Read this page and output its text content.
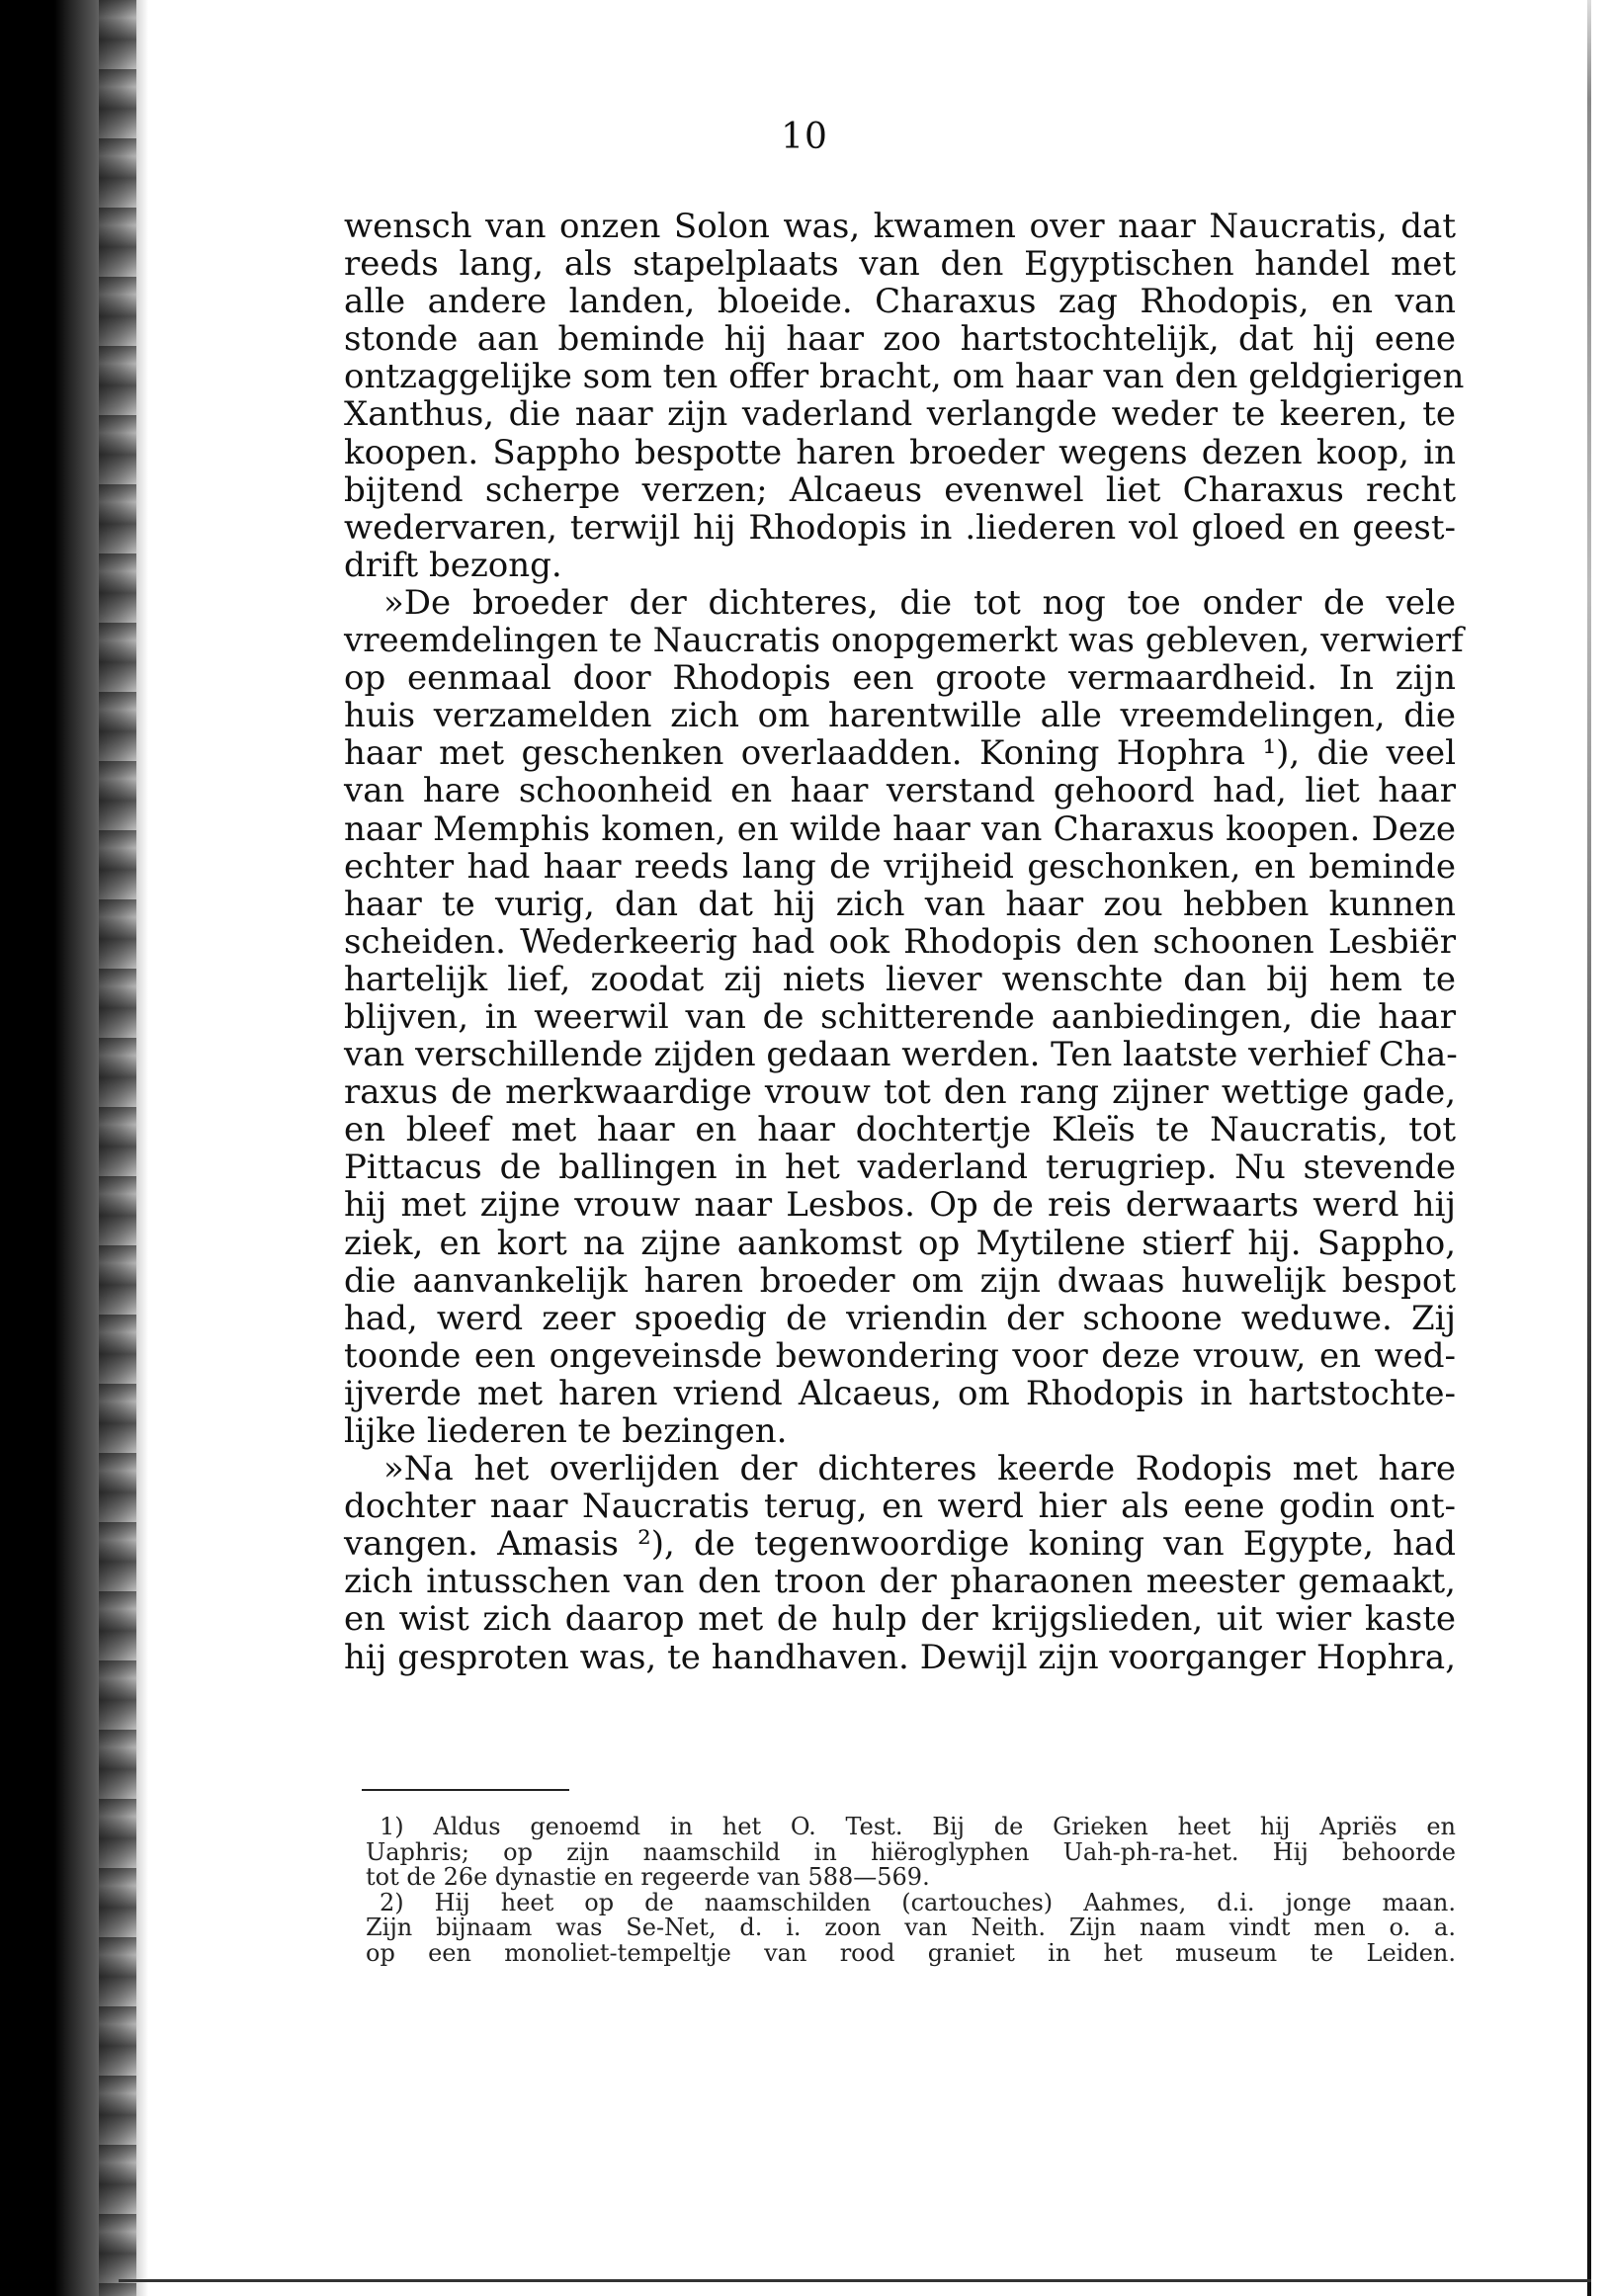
10
wensch van onzen Solon was, kwamen over naar Naucratis, dat
reeds lang, als stapelplaats van den Egyptischen handel met
alle andere landen, bloeide. Charaxus zag Rhodopis, en van
stonde aan beminde hij haar zoo hartstochtelijk, dat hij eene
ontzaggelijke som ten offer bracht, om haar van den geldgierigen
Xanthus, die naar zijn vaderland verlangde weder te keeren, te
koopen. Sappho bespotte haren broeder wegens dezen koop, in
bijtend scherpe verzen; Alcaeus evenwel liet Charaxus recht
wedervaren, terwijl hij Rhodopis in .liederen vol gloed en geest-
drift bezong.
»De broeder der dichteres, die tot nog toe onder de vele
vreemdelingen te Naucratis onopgemerkt was gebleven, verwierf
op eenmaal door Rhodopis een groote vermaardheid. In zijn
huis verzamelden zich om harentwille alle vreemdelingen, die
haar met geschenken overlaadden. Koning Hophra ¹), die veel
van hare schoonheid en haar verstand gehoord had, liet haar
naar Memphis komen, en wilde haar van Charaxus koopen. Deze
echter had haar reeds lang de vrijheid geschonken, en beminde
haar te vurig, dan dat hij zich van haar zou hebben kunnen
scheiden. Wederkeerig had ook Rhodopis den schoonen Lesbiër
hartelijk lief, zoodat zij niets liever wenschte dan bij hem te
blijven, in weerwil van de schitterende aanbiedingen, die haar
van verschillende zijden gedaan werden. Ten laatste verhief Cha-
raxus de merkwaardige vrouw tot den rang zijner wettige gade,
en bleef met haar en haar dochtertje Kleïs te Naucratis, tot
Pittacus de ballingen in het vaderland terugriep. Nu stevende
hij met zijne vrouw naar Lesbos. Op de reis derwaarts werd hij
ziek, en kort na zijne aankomst op Mytilene stierf hij. Sappho,
die aanvankelijk haren broeder om zijn dwaas huwelijk bespot
had, werd zeer spoedig de vriendin der schoone weduwe. Zij
toonde een ongeveinsde bewondering voor deze vrouw, en wed-
ijverde met haren vriend Alcaeus, om Rhodopis in hartstochte-
lijke liederen te bezingen.
»Na het overlijden der dichteres keerde Rodopis met hare
dochter naar Naucratis terug, en werd hier als eene godin ont-
vangen. Amasis ²), de tegenwoordige koning van Egypte, had
zich intusschen van den troon der pharaonen meester gemaakt,
en wist zich daarop met de hulp der krijgslieden, uit wier kaste
hij gesproten was, te handhaven. Dewijl zijn voorganger Hophra,
1) Aldus genoemd in het O. Test. Bij de Grieken heet hij Apriës en
Uaphris; op zijn naamschild in hiëroglyphen Uah-ph-ra-het. Hij behoorde
tot de 26e dynastie en regeerde van 588—569.
2) Hij heet op de naamschilden (cartouches) Aahmes, d.i. jonge maan.
Zijn bijnaam was Se-Net, d. i. zoon van Neith. Zijn naam vindt men o. a.
op een monoliet-tempeltje van rood graniet in het museum te Leiden.
